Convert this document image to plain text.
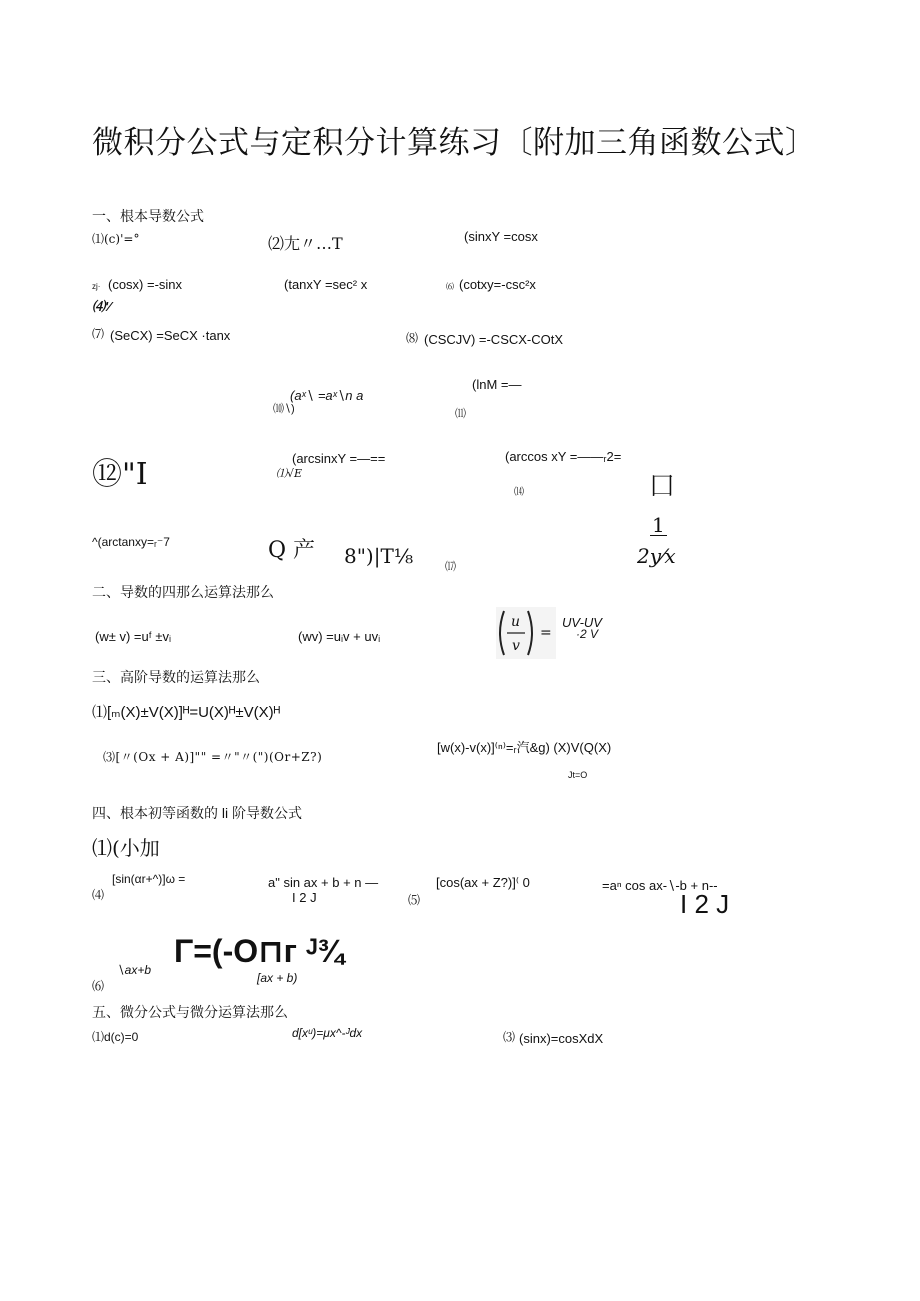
微积分公式与定积分计算练习〔附加三角函数公式〕
一、根本导数公式
⑴(c)'=°	⑵尢〃…T	(sinxY =cosx
zj· (cosx) =-sinx
⑷'⁄
(tanxY =sec² x	⑹ (cotxy=-csc²x
⑺ (SeCX) =SeCX ·tanx	⑻ (CSCJV) =-CSCX-COtX
(aˣ∖ =aˣ∖n a
⑽∖)
(lnM =—
⑾
⑫"I	(arcsinxY =—==
⑴√E
(arccos xY =——ᵣ2=
⒁	⼞
^(arctanxy=ᵣ⁻7	Q 产 8")|T⅛	⒄
1
2y⁄x
二、导数的四那么运算法那么
(w± v) =uᶠ ±vᵢ	(wv) =uᵢv + uvᵢ
u
v
=
UV-UV
·2 V
三、高阶导数的运算法那么
⑴[ₘ(X)±V(X)]ᴴ=U(X)ᴴ±V(X)ᴴ
⑶[〃(Ox + A)]"" =〃"〃(")(Or+Z?)
[w(x)-v(x)]⁽ⁿ⁾=ᵣ汽&g) (X)V(Q(X)
Jt=O
四、根本初等函数的 li 阶导数公式
⑴(小加
[sin(αr+^)]ω =
⑷
a" sin ax + b + n —
I 2 J
[cos(ax + Z?)]⁽ 0
⑸
=aⁿ cos ax-∖-b + n--
I 2 J
∖ax+b
⑹
Γ=(-O⊓ᴦ ᴶ¾
[ax + b)
五、微分公式与微分运算法那么
⑴d(c)=0	d[xᵘ)=μx^-ᴶdx	⑶ (sinx)=cosXdX
